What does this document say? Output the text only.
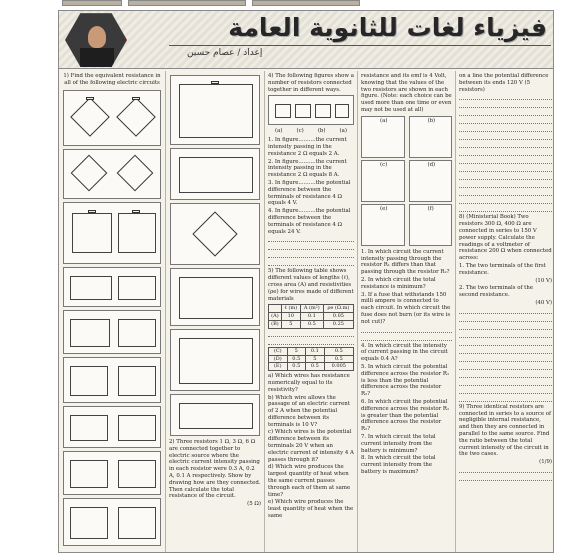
فيزياء لغات للثانوية العامة
إعداد / عصام حسين
1) Find the equivalent resistance in all of the following electric circuits

2) Three resistors 1 Ω, 3 Ω, 6 Ω are connected together to electric source where the electric current intensity passing in each resistor were 0.3 A, 0.2 A, 0.1 A respectively. Show by drawing how are they connected. Then calculate the total resistance of the circuit.

(5 Ω)

4) The following figures show a number of resistors connected together in different ways.

(a)	(c)	(b)	(a)

1. In figure..........the current intensity passing in the resistance 2 Ω equals 2 A.

2. In figure..........the current intensity passing in the resistance 2 Ω equals 8 A.

3. In figure..........the potential difference between the terminals of resistance 4 Ω equals 4 V.

4. In figure..........the potential difference between the terminals of resistance 4 Ω equals 24 V.

5) The following table shows different values of lengths (ℓ), cross area (A) and resistivities (ρe) for wires made of different materials

	ℓ (m)	A (m²)	ρe (Ω.m)
(A)	10	0.1	0.05
(B)	5	0.5	0.25
(C)	5	0.1	0.5
(D)	0.5	5	0.5
(E)	0.5	0.5	0.005

a) Which wires has resistance numerically equal to its resistivity?

b) Which wire allows the passage of an electric current of 2 A when the potential difference between its terminals is 10 V?

c) Which wires is the potential difference between its terminals 20 V when an electric current of intensity 4 A passes through it?

d) Which wire produces the largest quantity of heat when the same current passes through each of them at same time?

e) Which wire produces the least quantity of heat when the same

resistance and its emf is 4 Volt, knowing that the values of the two resistors are shown in each figure. (Note: each choice can be used more than one time or even may not be used at all)

(a)	(b)
(c)	(d)
(e)	(f)

1. In which circuit the current intensity passing through the resistor R₁ differs than that passing through the resistor R₂?

2. In which circuit the total resistance is minimum?

3. If a fuse that withstands 150 milli ampere is connected to each circuit. In which circuit the fuse does not burn (or its wire is not cut)?

4. In which circuit the intensity of current passing in the circuit equals 0.4 A?

5. In which circuit the potential difference across the resistor R₁ is less than the potential difference across the resistor R₂?

6. In which circuit the potential difference across the resistor R₁ is greater than the potential difference across the resistor R₂?

7. In which circuit the total current intensity from the battery is minimum?

8. In which circuit the total current intensity from the battery is maximum?

on a line the potential difference between its ends 120 V (5 resistors)

8) (Ministerial Book) Two resistors 300 Ω, 400 Ω are connected in series to 150 V power supply. Calculate the readings of a voltmeter of resistance 200 Ω when connected across:

1. The two terminals of the first resistance.

(10 V)

2. The two terminals of the second resistance.

(40 V)

9) Three identical resistors are connected in series to a source of negligible internal resistance, and then they are connected in parallel to the same source. Find the ratio between the total current intensity of the circuit in the two cases.

(1/9)
